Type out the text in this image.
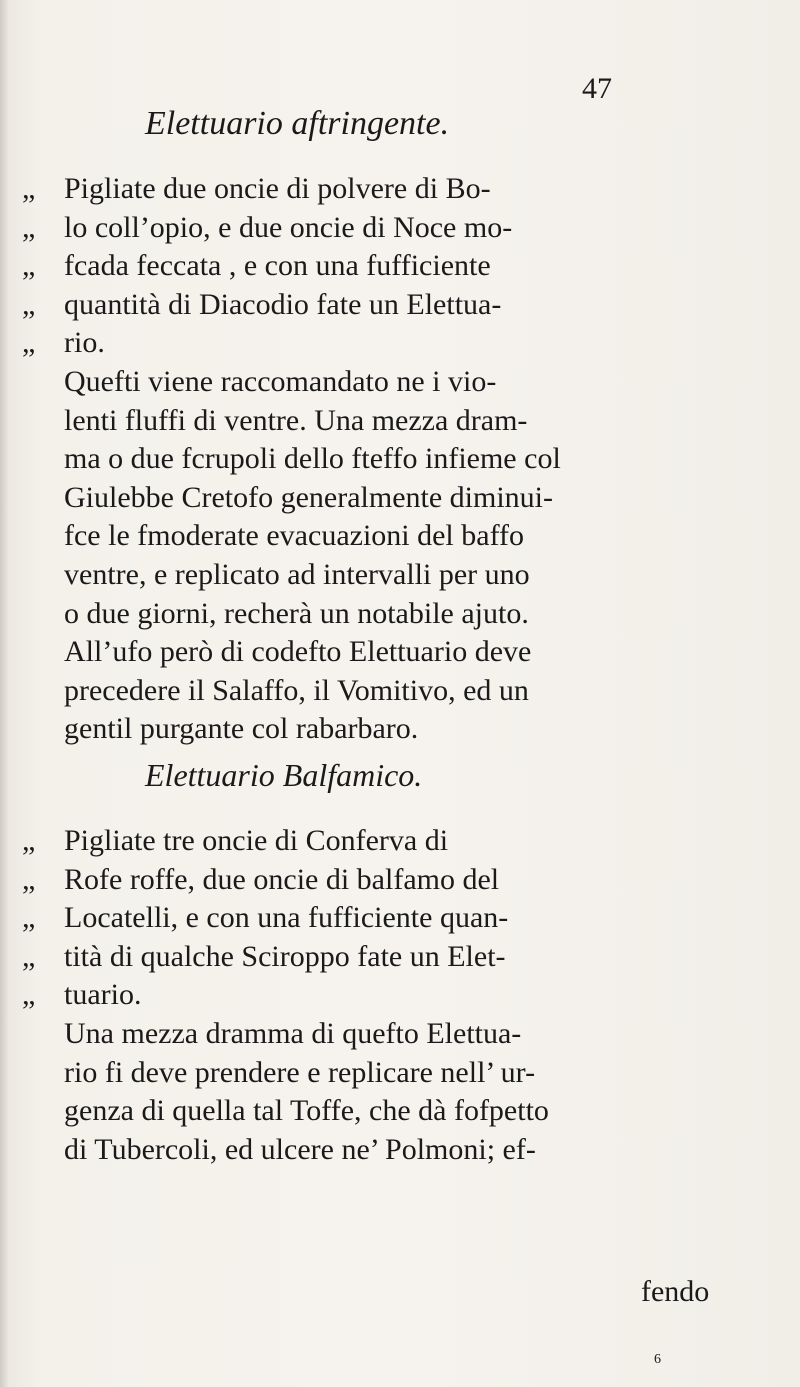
47
Elettuario aftringente.
„ Pigliate due oncie di polvere di Bo-
„ lo coll’opio, e due oncie di Noce mo-
„ fcada feccata , e con una fufficiente
„ quantità di Diacodio fate un Elettua-
„ rio.
Quefti viene raccomandato ne i vio-
lenti fluffi di ventre. Una mezza dram-
ma o due fcrupoli dello fteffo infieme col
Giulebbe Cretofo generalmente diminui-
fce le fmoderate evacuazioni del baffo
ventre, e replicato ad intervalli per uno
o due giorni, recherà un notabile ajuto.
All’ufo però di codefto Elettuario deve
precedere il Salaffo, il Vomitivo, ed un
gentil purgante col rabarbaro.
Elettuario Balfamico.
„ Pigliate tre oncie di Conferva di
„ Rofe roffe, due oncie di balfamo del
„ Locatelli, e con una fufficiente quan-
„ tità di qualche Sciroppo fate un Elet-
„ tuario.
Una mezza dramma di quefto Elettua-
rio fi deve prendere e replicare nell’ ur-
genza di quella tal Toffe, che dà fofpetto
di Tubercoli, ed ulcere ne’ Polmoni; ef-
fendo
6
